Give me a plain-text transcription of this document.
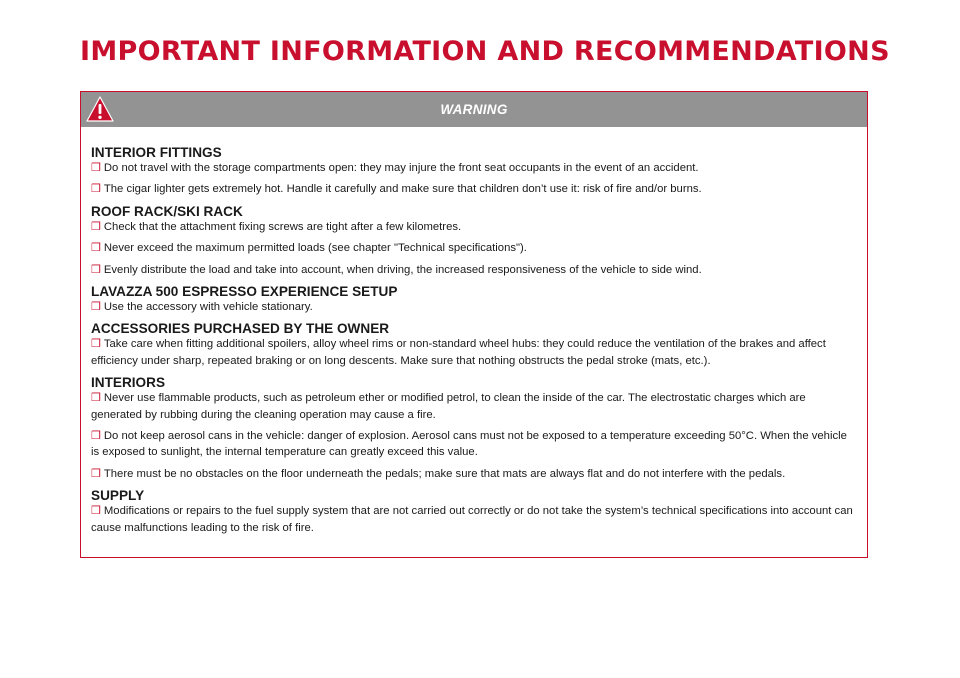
IMPORTANT INFORMATION AND RECOMMENDATIONS
WARNING
INTERIOR FITTINGS

❒ Do not travel with the storage compartments open: they may injure the front seat occupants in the event of an accident.

❒ The cigar lighter gets extremely hot. Handle it carefully and make sure that children don’t use it: risk of fire and/or burns.

ROOF RACK/SKI RACK

❒ Check that the attachment fixing screws are tight after a few kilometres.

❒ Never exceed the maximum permitted loads (see chapter "Technical specifications").

❒ Evenly distribute the load and take into account, when driving, the increased responsiveness of the vehicle to side wind.

LAVAZZA 500 ESPRESSO EXPERIENCE SETUP

❒ Use the accessory with vehicle stationary.

ACCESSORIES PURCHASED BY THE OWNER

❒ Take care when fitting additional spoilers, alloy wheel rims or non-standard wheel hubs: they could reduce the ventilation of the brakes and affect efficiency under sharp, repeated braking or on long descents. Make sure that nothing obstructs the pedal stroke (mats, etc.).

INTERIORS

❒ Never use flammable products, such as petroleum ether or modified petrol, to clean the inside of the car. The electrostatic charges which are generated by rubbing during the cleaning operation may cause a fire.

❒ Do not keep aerosol cans in the vehicle: danger of explosion. Aerosol cans must not be exposed to a temperature exceeding 50°C. When the vehicle is exposed to sunlight, the internal temperature can greatly exceed this value.

❒ There must be no obstacles on the floor underneath the pedals; make sure that mats are always flat and do not interfere with the pedals.

SUPPLY

❒ Modifications or repairs to the fuel supply system that are not carried out correctly or do not take the system’s technical specifications into account can cause malfunctions leading to the risk of fire.
